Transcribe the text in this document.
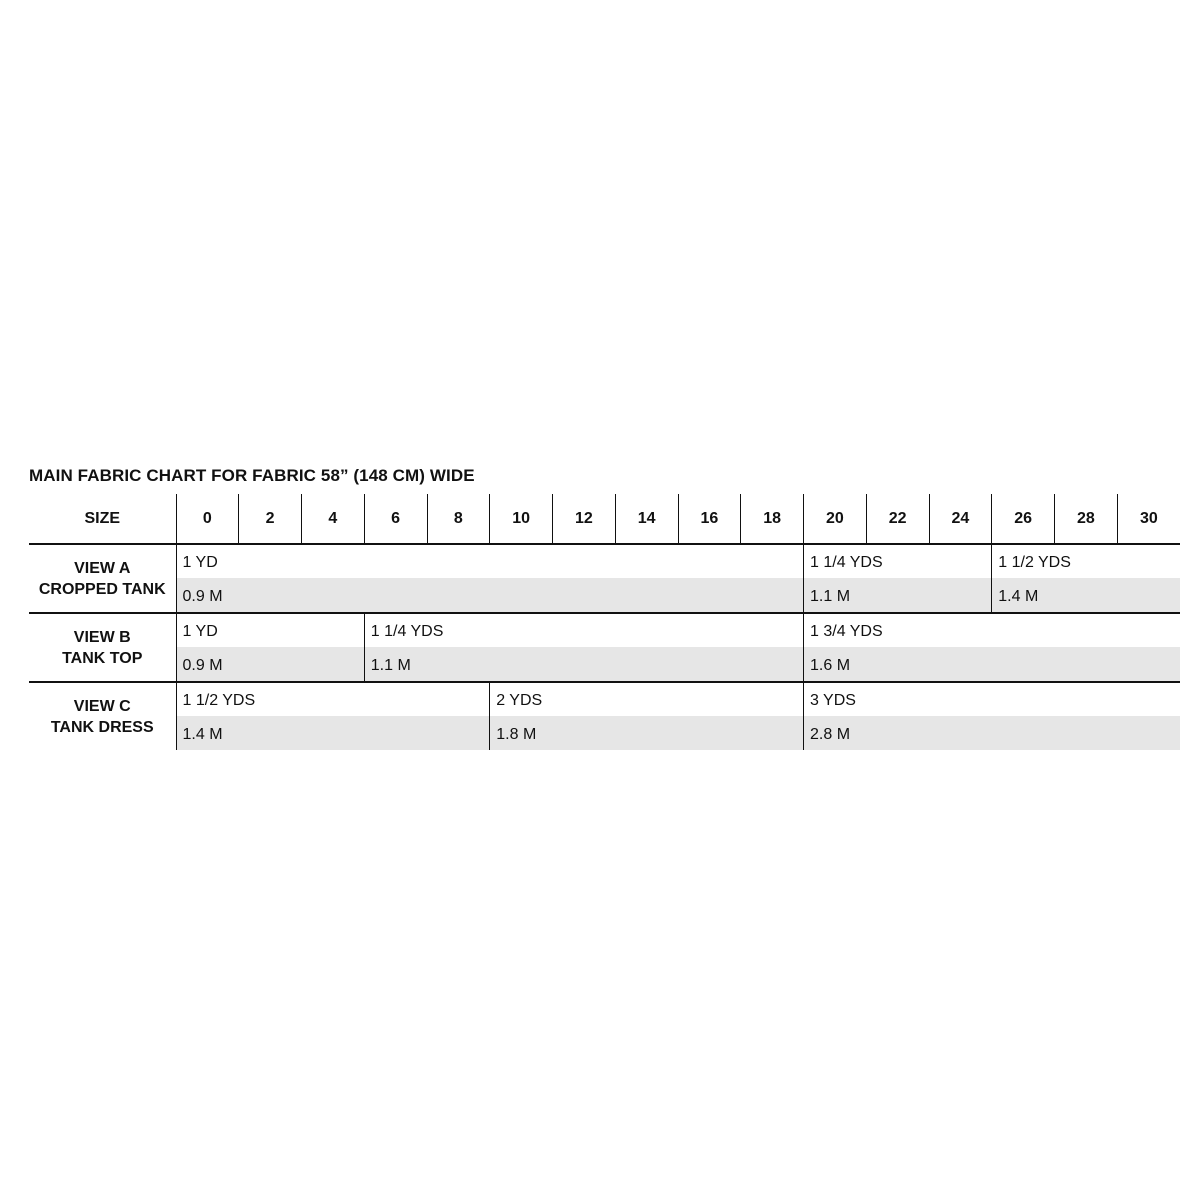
MAIN FABRIC CHART FOR FABRIC 58” (148 CM) WIDE
SIZE	0	2	4	6	8	10	12	14	16	18	20	22	24	26	28	30

VIEW A
CROPPED TANK	1 YD										1 1/4 YDS			1 1/2 YDS		
	0.9 M										1.1 M			1.4 M		

VIEW B
TANK TOP	1 YD			1 1/4 YDS							1 3/4 YDS					
	0.9 M			1.1 M							1.6 M					

VIEW C
TANK DRESS	1 1/2 YDS					2 YDS					3 YDS					
	1.4 M					1.8 M					2.8 M					
